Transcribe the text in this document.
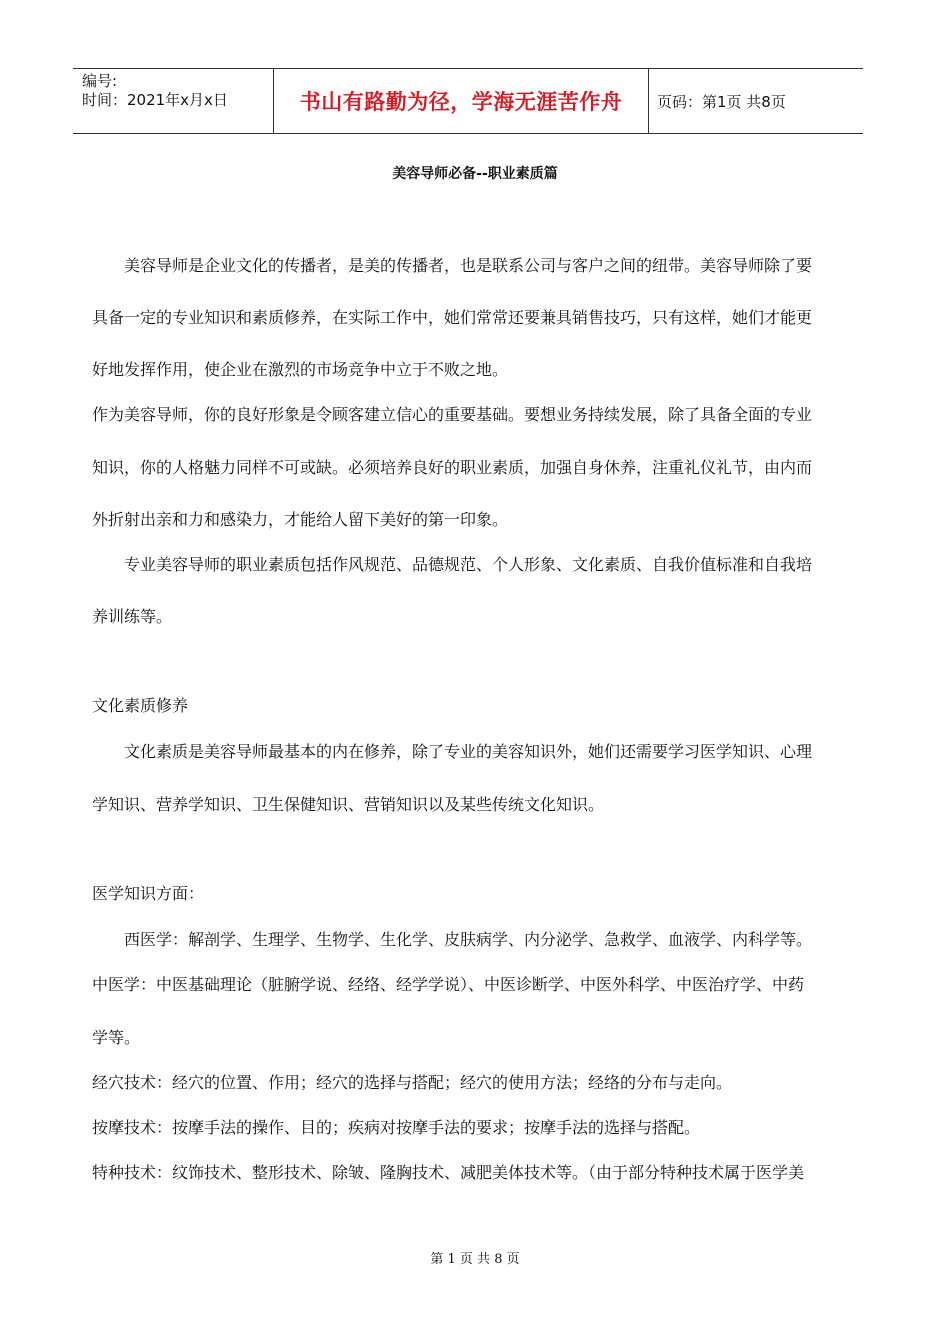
编号:
时间：2021年x月x日	书山有路勤为径，学海无涯苦作舟	页码：第1页 共8页
美容导师必备--职业素质篇
美容导师是企业文化的传播者，是美的传播者，也是联系公司与客户之间的纽带。美容导师除了要
具备一定的专业知识和素质修养，在实际工作中，她们常常还要兼具销售技巧，只有这样，她们才能更
好地发挥作用，使企业在激烈的市场竞争中立于不败之地。
作为美容导师，你的良好形象是令顾客建立信心的重要基础。要想业务持续发展，除了具备全面的专业
知识，你的人格魅力同样不可或缺。必须培养良好的职业素质，加强自身休养，注重礼仪礼节，由内而
外折射出亲和力和感染力，才能给人留下美好的第一印象。
专业美容导师的职业素质包括作风规范、品德规范、个人形象、文化素质、自我价值标准和自我培
养训练等。
文化素质修养
文化素质是美容导师最基本的内在修养，除了专业的美容知识外，她们还需要学习医学知识、心理
学知识、营养学知识、卫生保健知识、营销知识以及某些传统文化知识。
医学知识方面：
西医学：解剖学、生理学、生物学、生化学、皮肤病学、内分泌学、急救学、血液学、内科学等。
中医学：中医基础理论（脏腑学说、经络、经学学说）、中医诊断学、中医外科学、中医治疗学、中药
学等。
经穴技术：经穴的位置、作用；经穴的选择与搭配；经穴的使用方法；经络的分布与走向。
按摩技术：按摩手法的操作、目的；疾病对按摩手法的要求；按摩手法的选择与搭配。
特种技术：纹饰技术、整形技术、除皱、隆胸技术、减肥美体技术等。（由于部分特种技术属于医学美
第 1 页 共 8 页
